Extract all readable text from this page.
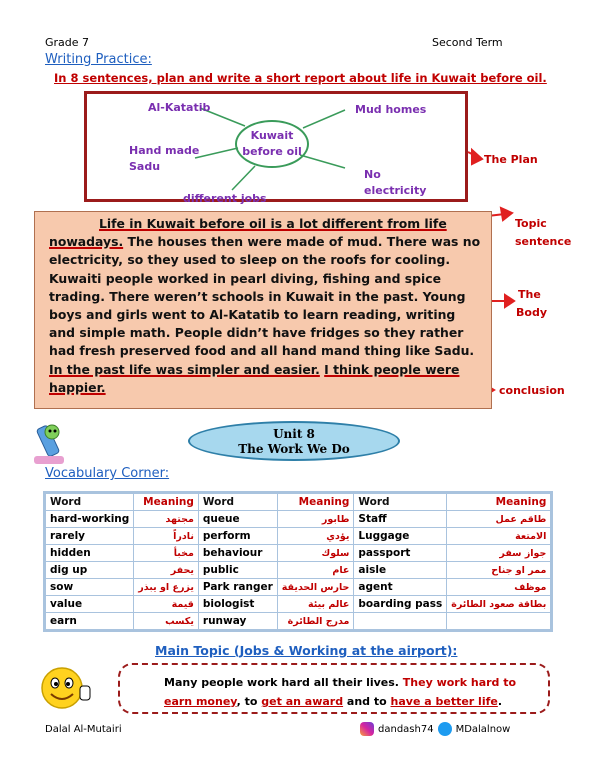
Grade 7	Second Term
Writing Practice:
In 8 sentences, plan and write a short report about life in Kuwait before oil.
Al-Katatib	Mud homes
Hand made
Sadu
No
electricity
different jobs
Kuwait
before oil
The Plan
Topic
sentence
The
Body
conclusion
Life in Kuwait before oil is a lot different from life nowadays. The houses then were made of mud. There was no electricity, so they used to sleep on the roofs for cooling. Kuwaiti people worked in pearl diving, fishing and spice trading. There weren’t schools in Kuwait in the past. Young boys and girls went to Al-Katatib to learn reading, writing and simple math. People didn’t have fridges so they rather had fresh preserved food and all hand mand thing like Sadu.
In the past life was simpler and easier. I think people were happier.
Unit 8
The Work We Do
Vocabulary Corner:
Word	Meaning	Word	Meaning	Word	Meaning
hard-working	مجتهد	queue	طابور	Staff	طاقم عمل
rarely	نادراً	perform	يؤدي	Luggage	الامتعة
hidden	مخبأ	behaviour	سلوك	passport	جواز سفر
dig up	يحفر	public	عام	aisle	ممر او جناح
sow	يزرع او يبذر	Park ranger	حارس الحديقة	agent	موظف
value	قيمة	biologist	عالم بيئة	boarding pass	بطاقة صعود الطائرة
earn	يكسب	runway	مدرج الطائرة		
Main Topic (Jobs & Working at the airport):
Many people work hard all their lives. They work hard to earn money, to get an award and to have a better life.
Dalal Al-Mutairi	dandash74 MDalalnow
